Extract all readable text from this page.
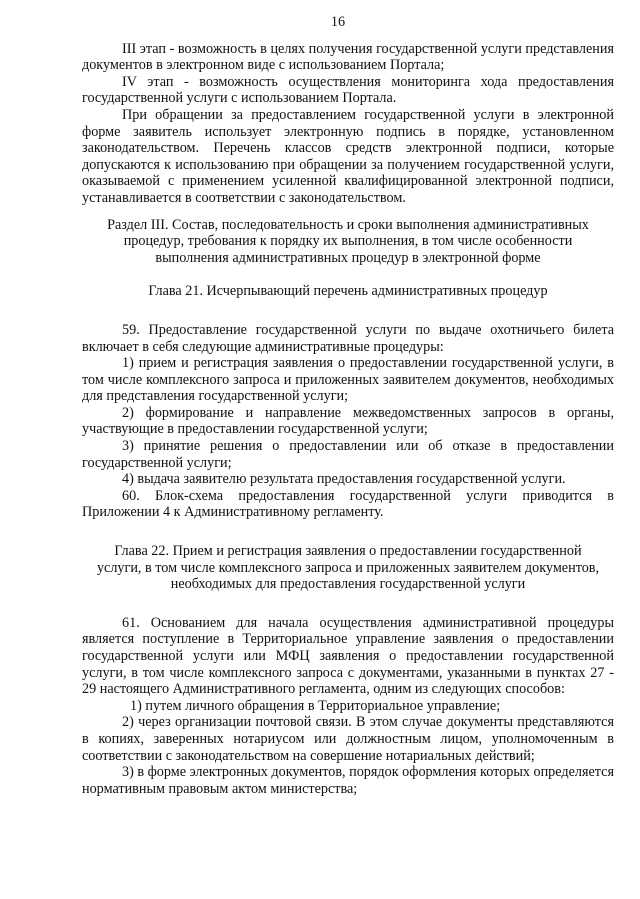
16

III этап - возможность в целях получения государственной услуги представления документов в электронном виде с использованием Портала;

IV этап - возможность осуществления мониторинга хода предоставления государственной услуги с использованием Портала.

При обращении за предоставлением государственной услуги в электронной форме заявитель использует электронную подпись в порядке, установленном законодательством. Перечень классов средств электронной подписи, которые допускаются к использованию при обращении за получением государственной услуги, оказываемой с применением усиленной квалифицированной электронной подписи, устанавливается в соответствии с законодательством.

Раздел III. Состав, последовательность и сроки выполнения административных процедур, требования к порядку их выполнения, в том числе особенности выполнения административных процедур в электронной форме

Глава 21. Исчерпывающий перечень административных процедур

59. Предоставление государственной услуги по выдаче охотничьего билета включает в себя следующие административные процедуры:

1) прием и регистрация заявления о предоставлении государственной услуги, в том числе комплексного запроса и приложенных заявителем документов, необходимых для представления государственной услуги;

2) формирование и направление межведомственных запросов в органы, участвующие в предоставлении государственной услуги;

3) принятие решения о предоставлении или об отказе в предоставлении государственной услуги;

4) выдача заявителю результата предоставления государственной услуги.

60. Блок-схема предоставления государственной услуги приводится в Приложении 4 к Административному регламенту.

Глава 22. Прием и регистрация заявления о предоставлении государственной услуги, в том числе комплексного запроса и приложенных заявителем документов, необходимых для предоставления государственной услуги

61. Основанием для начала осуществления административной процедуры является поступление в Территориальное управление заявления о предоставлении государственной услуги или МФЦ заявления о предоставлении государственной услуги, в том числе комплексного запроса с документами, указанными в пунктах 27 - 29 настоящего Административного регламента, одним из следующих способов:

1) путем личного обращения в Территориальное управление;

2) через организации почтовой связи. В этом случае документы представляются в копиях, заверенных нотариусом или должностным лицом, уполномоченным в соответствии с законодательством на совершение нотариальных действий;

3) в форме электронных документов, порядок оформления которых определяется нормативным правовым актом министерства;
